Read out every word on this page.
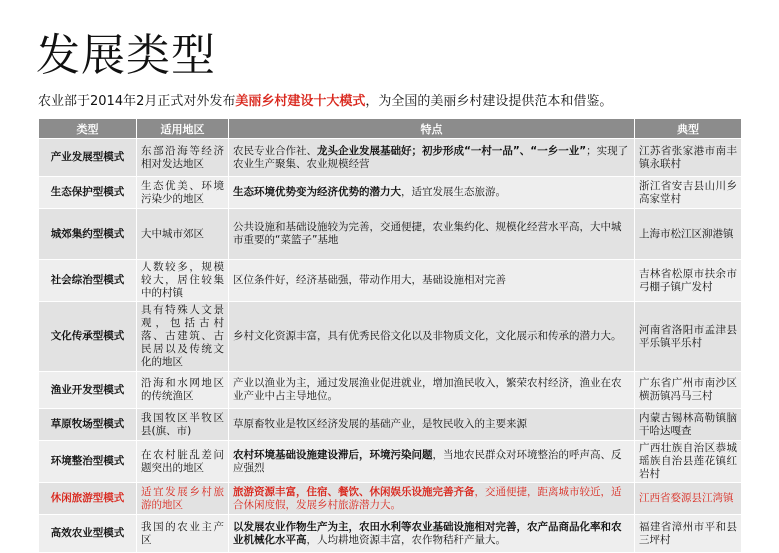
发展类型
农业部于2014年2月正式对外发布美丽乡村建设十大模式，为全国的美丽乡村建设提供范本和借鉴。
类型	适用地区	特点	典型
产业发展型模式	东部沿海等经济相对发达地区	农民专业合作社、龙头企业发展基础好；初步形成“一村一品”、“一乡一业”；实现了农业生产聚集、农业规模经营	江苏省张家港市南丰镇永联村
生态保护型模式	生态优美、环境污染少的地区	生态环境优势变为经济优势的潜力大，适宜发展生态旅游。	浙江省安吉县山川乡高家堂村
城郊集约型模式	大中城市郊区	公共设施和基础设施较为完善，交通便捷，农业集约化、规模化经营水平高，大中城市重要的“菜篮子”基地	上海市松江区泖港镇
社会综治型模式	人数较多，规模较大，居住较集中的村镇	区位条件好，经济基础强，带动作用大，基础设施相对完善	吉林省松原市扶余市弓棚子镇广发村
文化传承型模式	具有特殊人文景观，包括古村落、古建筑、古民居以及传统文化的地区	乡村文化资源丰富，具有优秀民俗文化以及非物质文化，文化展示和传承的潜力大。	河南省洛阳市孟津县平乐镇平乐村
渔业开发型模式	沿海和水网地区的传统渔区	产业以渔业为主，通过发展渔业促进就业，增加渔民收入，繁荣农村经济，渔业在农业产业中占主导地位。	广东省广州市南沙区横沥镇冯马三村
草原牧场型模式	我国牧区半牧区县(旗、市)	草原畜牧业是牧区经济发展的基础产业，是牧民收入的主要来源	内蒙古锡林高勒镇脑干哈达嘎查
环境整治型模式	在农村脏乱差问题突出的地区	农村环境基础设施建设滞后，环境污染问题，当地农民群众对环境整治的呼声高、反应强烈	广西壮族自治区恭城瑶族自治县莲花镇红岩村
休闲旅游型模式	适宜发展乡村旅游的地区	旅游资源丰富，住宿、餐饮、休闲娱乐设施完善齐备，交通便捷，距离城市较近，适合休闲度假，发展乡村旅游潜力大。	江西省婺源县江湾镇
高效农业型模式	我国的农业主产区	以发展农业作物生产为主，农田水利等农业基础设施相对完善，农产品商品化率和农业机械化水平高，人均耕地资源丰富，农作物秸秆产量大。	福建省漳州市平和县三坪村
